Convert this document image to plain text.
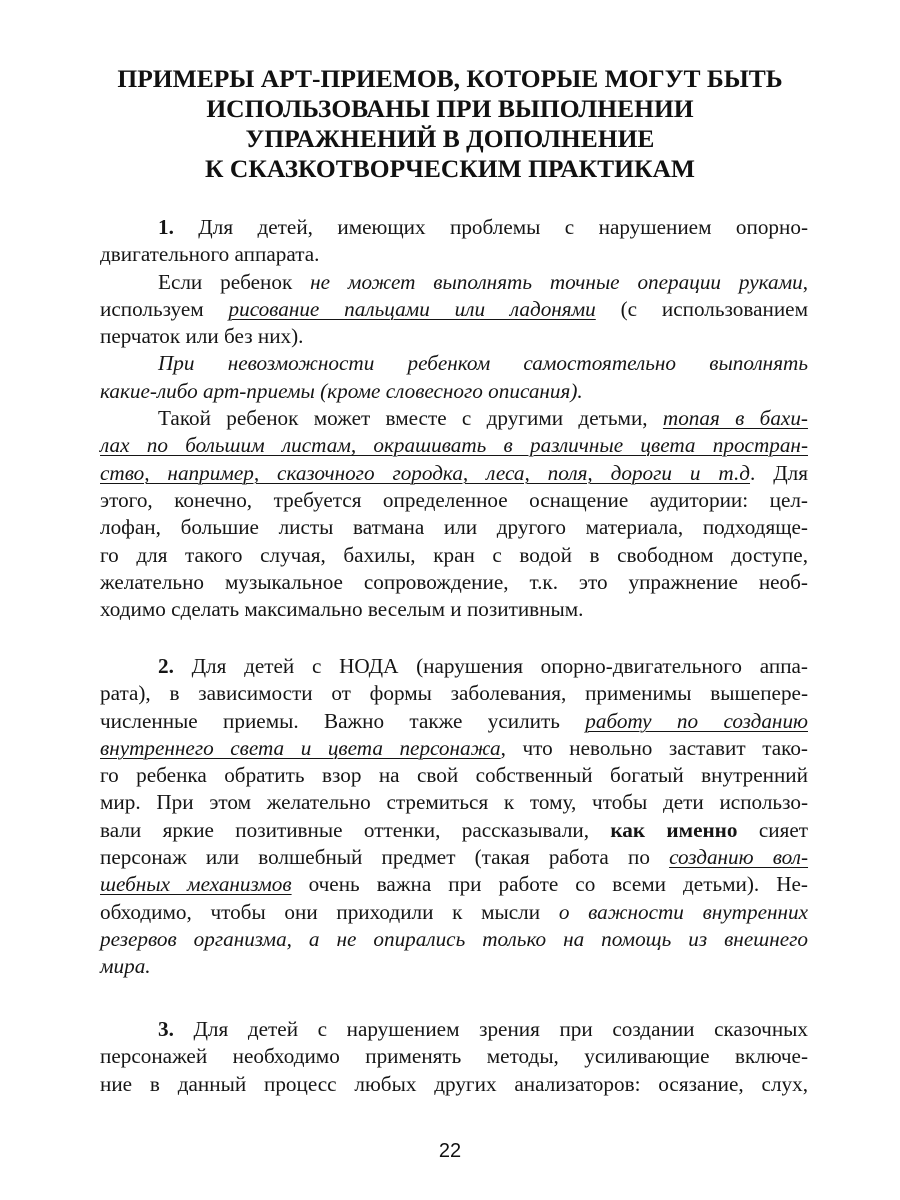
ПРИМЕРЫ АРТ-ПРИЕМОВ, КОТОРЫЕ МОГУТ БЫТЬ
ИСПОЛЬЗОВАНЫ ПРИ ВЫПОЛНЕНИИ
УПРАЖНЕНИЙ В ДОПОЛНЕНИЕ
К СКАЗКОТВОРЧЕСКИМ ПРАКТИКАМ
1. Для детей, имеющих проблемы с нарушением опорно-
двигательного аппарата.
Если ребенок не может выполнять точные операции руками,
используем рисование пальцами или ладонями (с использованием
перчаток или без них).
При невозможности ребенком самостоятельно выполнять
какие-либо арт-приемы (кроме словесного описания).
Такой ребенок может вместе с другими детьми, топая в бахи-
лах по большим листам, окрашивать в различные цвета простран-
ство, например, сказочного городка, леса, поля, дороги и т.д. Для
этого, конечно, требуется определенное оснащение аудитории: цел-
лофан, большие листы ватмана или другого материала, подходяще-
го для такого случая, бахилы, кран с водой в свободном доступе,
желательно музыкальное сопровождение, т.к. это упражнение необ-
ходимо сделать максимально веселым и позитивным.
2. Для детей с НОДА (нарушения опорно-двигательного аппа-
рата), в зависимости от формы заболевания, применимы вышепере-
численные приемы. Важно также усилить работу по созданию
внутреннего света и цвета персонажа, что невольно заставит тако-
го ребенка обратить взор на свой собственный богатый внутренний
мир. При этом желательно стремиться к тому, чтобы дети использо-
вали яркие позитивные оттенки, рассказывали, как именно сияет
персонаж или волшебный предмет (такая работа по созданию вол-
шебных механизмов очень важна при работе со всеми детьми). Не-
обходимо, чтобы они приходили к мысли о важности внутренних
резервов организма, а не опирались только на помощь из внешнего
мира.
3. Для детей с нарушением зрения при создании сказочных
персонажей необходимо применять методы, усиливающие включе-
ние в данный процесс любых других анализаторов: осязание, слух,
22
